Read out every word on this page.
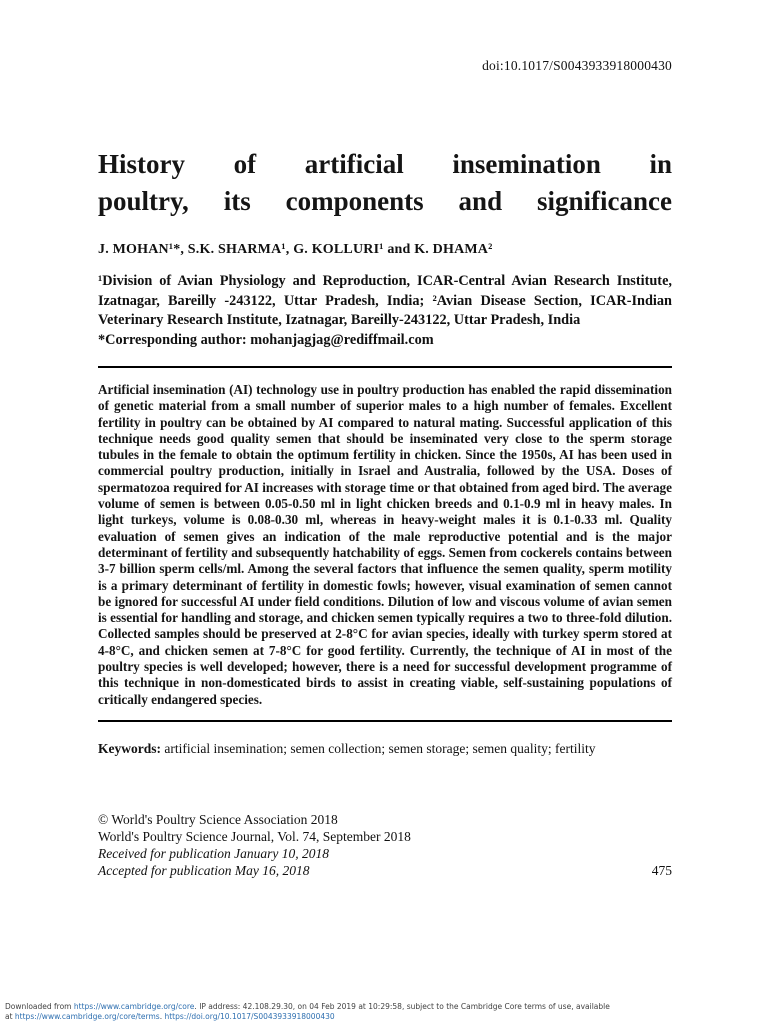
doi:10.1017/S0043933918000430
History of artificial insemination in
poultry, its components and significance
J. MOHAN¹*, S.K. SHARMA¹, G. KOLLURI¹ and K. DHAMA²
¹Division of Avian Physiology and Reproduction, ICAR-Central Avian Research Institute, Izatnagar, Bareilly -243122, Uttar Pradesh, India; ²Avian Disease Section, ICAR-Indian Veterinary Research Institute, Izatnagar, Bareilly-243122, Uttar Pradesh, India
*Corresponding author: mohanjagjag@rediffmail.com

Artificial insemination (AI) technology use in poultry production has enabled the rapid dissemination of genetic material from a small number of superior males to a high number of females. Excellent fertility in poultry can be obtained by AI compared to natural mating. Successful application of this technique needs good quality semen that should be inseminated very close to the sperm storage tubules in the female to obtain the optimum fertility in chicken. Since the 1950s, AI has been used in commercial poultry production, initially in Israel and Australia, followed by the USA. Doses of spermatozoa required for AI increases with storage time or that obtained from aged bird. The average volume of semen is between 0.05-0.50 ml in light chicken breeds and 0.1-0.9 ml in heavy males. In light turkeys, volume is 0.08-0.30 ml, whereas in heavy-weight males it is 0.1-0.33 ml. Quality evaluation of semen gives an indication of the male reproductive potential and is the major determinant of fertility and subsequently hatchability of eggs. Semen from cockerels contains between 3-7 billion sperm cells/ml. Among the several factors that influence the semen quality, sperm motility is a primary determinant of fertility in domestic fowls; however, visual examination of semen cannot be ignored for successful AI under field conditions. Dilution of low and viscous volume of avian semen is essential for handling and storage, and chicken semen typically requires a two to three-fold dilution. Collected samples should be preserved at 2-8°C for avian species, ideally with turkey sperm stored at 4-8°C, and chicken semen at 7-8°C for good fertility. Currently, the technique of AI in most of the poultry species is well developed; however, there is a need for successful development programme of this technique in non-domesticated birds to assist in creating viable, self-sustaining populations of critically endangered species.

Keywords: artificial insemination; semen collection; semen storage; semen quality; fertility
© World's Poultry Science Association 2018
World's Poultry Science Journal, Vol. 74, September 2018
Received for publication January 10, 2018
Accepted for publication May 16, 2018	475
Downloaded from https://www.cambridge.org/core. IP address: 42.108.29.30, on 04 Feb 2019 at 10:29:58, subject to the Cambridge Core terms of use, available
at https://www.cambridge.org/core/terms. https://doi.org/10.1017/S0043933918000430
